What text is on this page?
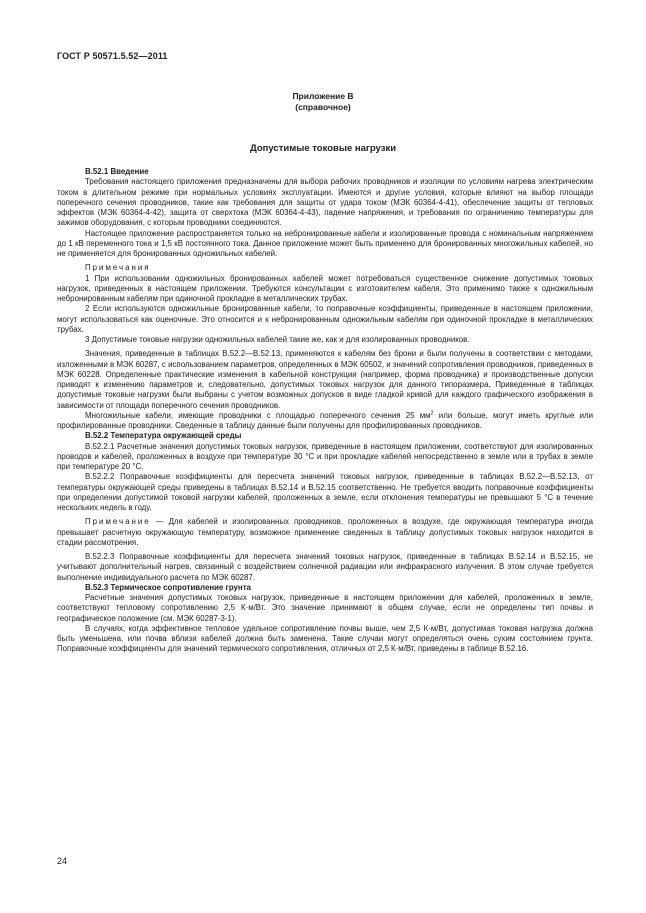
ГОСТ Р 50571.5.52—2011
Приложение В
(справочное)
Допустимые токовые нагрузки
В.52.1 Введение

Требования настоящего приложения предназначены для выбора рабочих проводников и изоляции по условиям нагрева электрическим током в длительном режиме при нормальных условиях эксплуатации. Имеются и другие условия, которые влияют на выбор площади поперечного сечения проводников, такие как требования для защиты от удара током (МЭК 60364-4-41), обеспечение защиты от тепловых эффектов (МЭК 60364-4-42), защита от сверхтока (МЭК 60364-4-43), падение напряжения, и требования по ограничению температуры для зажимов оборудования, с которым проводники соединяются.

Настоящее приложение распространяется только на небронированные кабели и изолированные провода с номинальным напряжением до 1 кВ переменного тока и 1,5 кВ постоянного тока. Данное приложение может быть применено для бронированных многожильных кабелей, но не применяется для бронированных одножильных кабелей.

Примечания

1 При использовании одножильных бронированных кабелей может потребоваться существенное снижение допустимых токовых нагрузок, приведенных в настоящем приложении. Требуются консультации с изготовителем кабеля. Это применимо также к одножильным небронированным кабелям при одиночной прокладке в металлических трубах.

2 Если используются одножильные бронированные кабели, то поправочные коэффициенты, приведенные в настоящем приложении, могут использоваться как оценочные. Это относится и к небронированным одножильным кабелям при одиночной прокладке в металлических трубах.

3 Допустимые токовые нагрузки одножильных кабелей такие же, как и для изолированных проводников.

Значения, приведенные в таблицах В.52.2—В.52.13, применяются к кабелям без брони и были получены в соответствии с методами, изложенными в МЭК 60287, с использованием параметров, определенных в МЭК 60502, и значений сопротивления проводников, приведенных в МЭК 60228. Определенные практические изменения в кабельной конструкции (например, форма проводника) и производственные допуски приводят к изменению параметров и, следовательно, допустимых токовых нагрузок для данного типоразмера. Приведенные в таблицах допустимые токовые нагрузки были выбраны с учетом возможных допусков в виде гладкой кривой для каждого графического изображения в зависимости от площади поперечного сечения проводников.

Многожильные кабели, имеющие проводники с площадью поперечного сечения 25 $мм^2$ или больше, могут иметь круглые или профилированные проводники. Сведенные в таблицу данные были получены для профилированных проводников.

В.52.2 Температура окружающей среды

В.52.2.1 Расчетные значения допустимых токовых нагрузок, приведенные в настоящем приложении, соответствуют для изолированных проводов и кабелей, проложенных в воздухе при температуре 30 °С и при прокладке кабелей непосредственно в земле или в трубах в земле при температуре 20 °С.

В.52.2.2 Поправочные коэффициенты для пересчета значений токовых нагрузок, приведенные в таблицах В.52.2—В.52.13, от температуры окружающей среды приведены в таблицах В.52.14 и В.52.15 соответственно. Не требуется вводить поправочные коэффициенты при определении допустимой токовой нагрузки кабелей, проложенных в земле, если отклонения температуры не превышают 5 °С в течение нескольких недель в году.

Примечание — Для кабелей и изолированных проводников, проложенных в воздухе, где окружающая температура иногда превышает расчетную окружающую температуру, возможное применение сведенных в таблицу допустимых токовых нагрузок находится в стадии рассмотрения.

В.52.2.3 Поправочные коэффициенты для пересчета значений токовых нагрузок, приведенные в таблицах В.52.14 и В.52.15, не учитывают дополнительный нагрев, связанный с воздействием солнечной радиации или инфракрасного излучения. В этом случае требуется выполнение индивидуального расчета по МЭК 60287.

В.52.3 Термическое сопротивление грунта

Расчетные значения допустимых токовых нагрузок, приведенные в настоящем приложении для кабелей, проложенных в земле, соответствуют тепловому сопротивлению 2,5 К·м/Вт. Это значение принимают в общем случае, если не определены тип почвы и географическое положение (см. МЭК 60287-3-1).

В случаях, когда эффективное тепловое удельное сопротивление почвы выше, чем 2,5 К·м/Вт, допустимая токовая нагрузка должна быть уменьшена, или почва вблизи кабелей должна быть заменена. Такие случаи могут определяться очень сухим состоянием грунта. Поправочные коэффициенты для значений термического сопротивления, отличных от 2,5 К·м/Вт, приведены в таблице В.52.16.

24
